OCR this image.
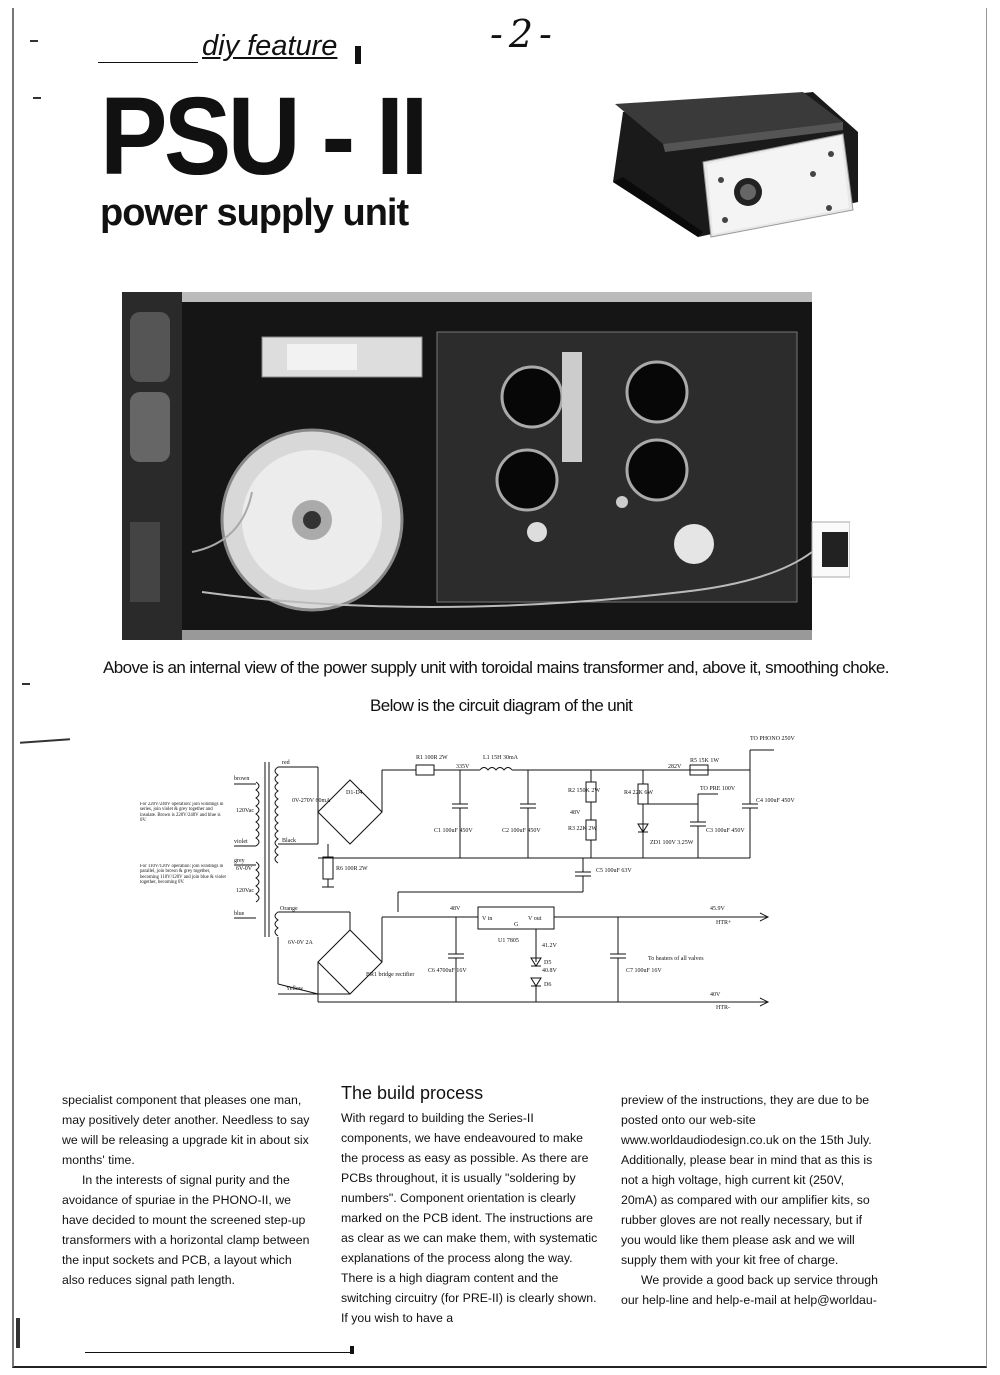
diy feature	-2-
PSU - II
power supply unit
Above is an internal view of the power supply unit with toroidal mains transformer and, above it, smoothing choke.
Below is the circuit diagram of the unit
brown
violet
grey
blue
red
Black
Orange
Yellow
120Vac
120Vac
6V-0V
6V-0V 2A
0V-270V 60mA
D1-D4
R1 100R 2W	L1 15H 30mA
C1 100uF 450V	C2 100uF 450V
R2 150K 2W
R3 22K 2W
R4 22K 6W
R5 15K 1W
ZD1 100V 3.25W
C3 100uF 450V
C4 100uF 450V
C5 100uF 63V
R6 100R 2W
BR1 bridge rectifier
C6 4700uF 16V
U1 7805
V in	V out
G
D5
D6
C7 100uF 16V
335V	282V
48V
48V
41.2V
40.8V
45.9V
40V
TO PHONO 250V
TO PRE 100V
HTR+
HTR-
To heaters of all valves
For 220V/240V operation: join windings in series, join violet & grey together and insulate. Brown is 220V/240V and blue is 0V.
For 110V/120V operation: join windings in parallel, join brown & grey together, becoming 110V/120V and join blue & violet together, becoming 0V.

specialist component that pleases one man, may positively deter another. Needless to say we will be releasing a upgrade kit in about six months' time.

In the interests of signal purity and the avoidance of spuriae in the PHONO-II, we have decided to mount the screened step-up transformers with a horizontal clamp between the input sockets and PCB, a layout which also reduces signal path length.

The build process

With regard to building the Series-II components, we have endeavoured to make the process as easy as possible. As there are PCBs throughout, it is usually "soldering by numbers". Component orientation is clearly marked on the PCB ident. The instructions are as clear as we can make them, with systematic explanations of the process along the way. There is a high diagram content and the switching circuitry (for PRE-II) is clearly shown. If you wish to have a

preview of the instructions, they are due to be posted onto our web-site www.worldaudiodesign.co.uk on the 15th July. Additionally, please bear in mind that as this is not a high voltage, high current kit (250V, 20mA) as compared with our amplifier kits, so rubber gloves are not really necessary, but if you would like them please ask and we will supply them with your kit free of charge.

We provide a good back up service through our help-line and help-e-mail at help@worldau-
